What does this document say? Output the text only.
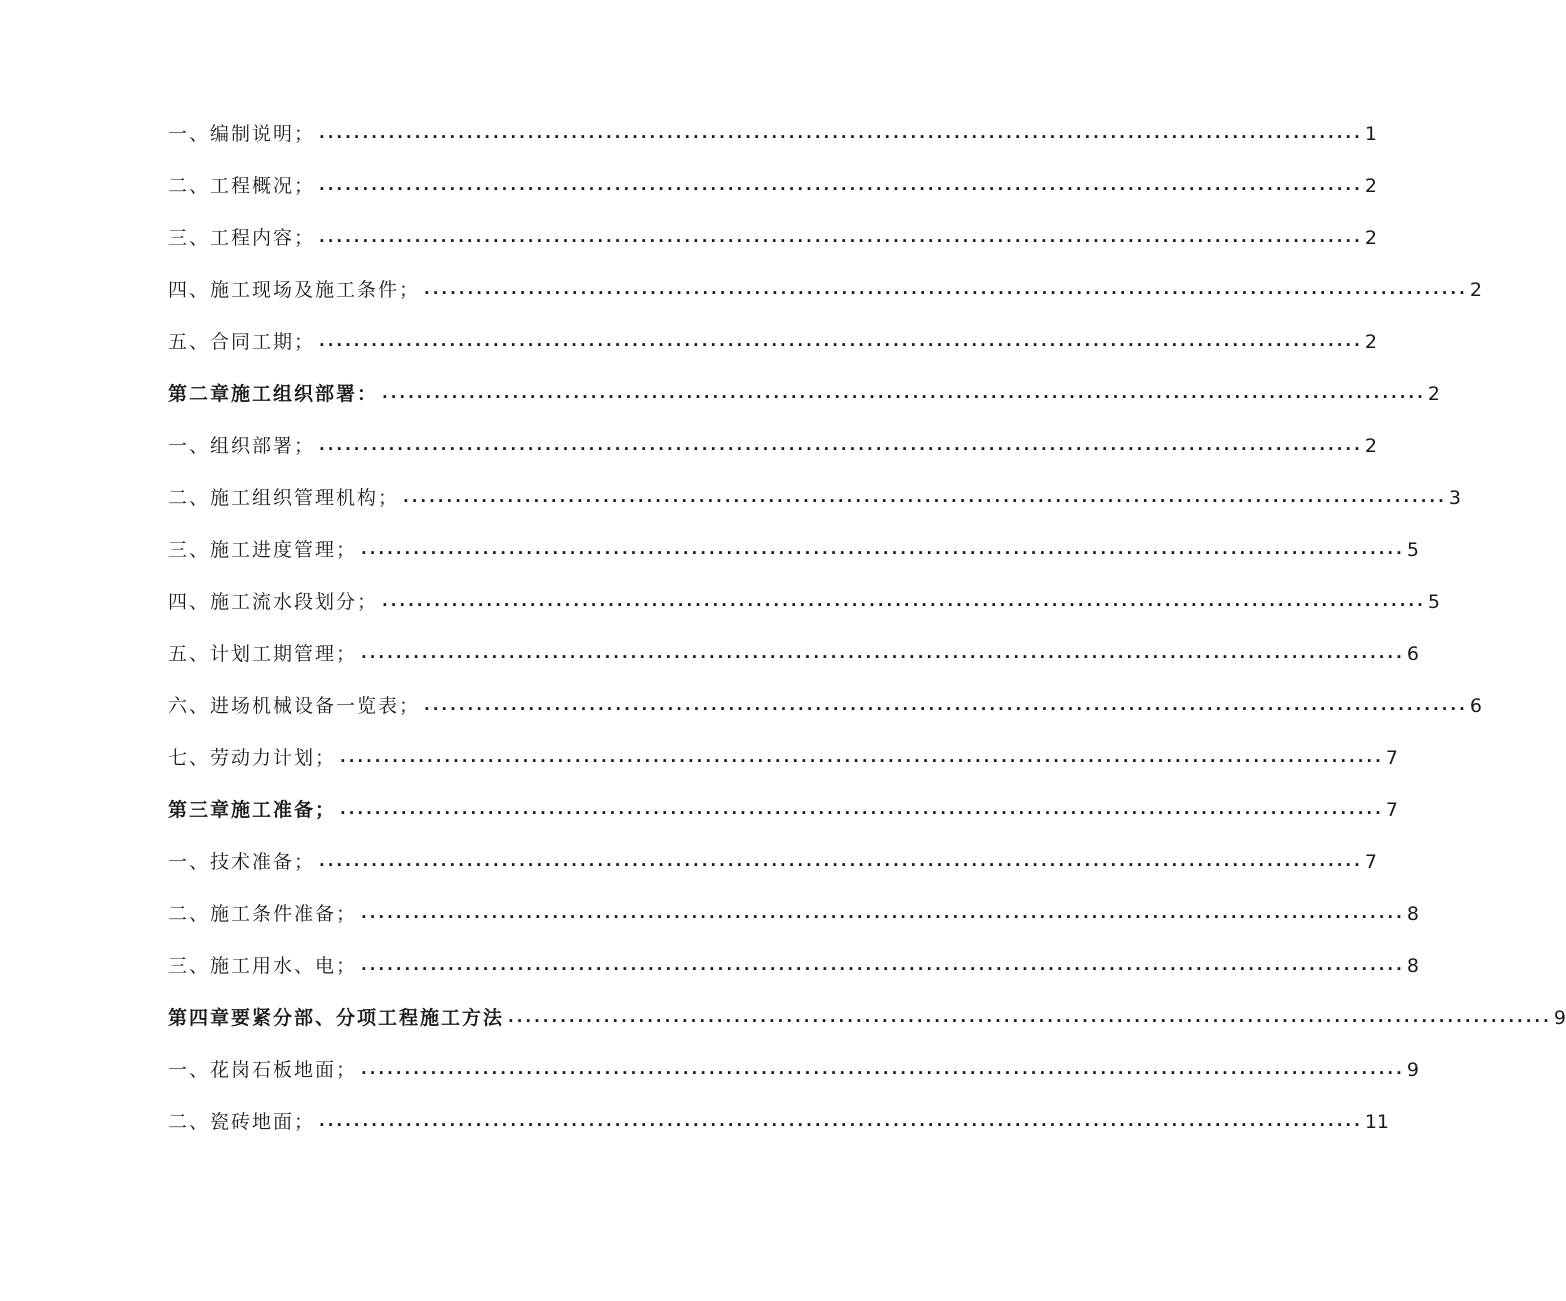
一、编制说明； ........................................................................................................................ 1
二、工程概况； ........................................................................................................................ 2
三、工程内容； ........................................................................................................................ 2
四、施工现场及施工条件； ........................................................................................................................ 2
五、合同工期； ........................................................................................................................ 2
第二章施工组织部署： ........................................................................................................................ 2
一、组织部署； ........................................................................................................................ 2
二、施工组织管理机构； ........................................................................................................................ 3
三、施工进度管理； ........................................................................................................................ 5
四、施工流水段划分； ........................................................................................................................ 5
五、计划工期管理； ........................................................................................................................ 6
六、进场机械设备一览表； ........................................................................................................................ 6
七、劳动力计划； ........................................................................................................................ 7
第三章施工准备； ........................................................................................................................ 7
一、技术准备； ........................................................................................................................ 7
二、施工条件准备； ........................................................................................................................ 8
三、施工用水、电； ........................................................................................................................ 8
第四章要紧分部、分项工程施工方法 ........................................................................................................................ 9
一、花岗石板地面； ........................................................................................................................ 9
二、瓷砖地面； ........................................................................................................................ 11
